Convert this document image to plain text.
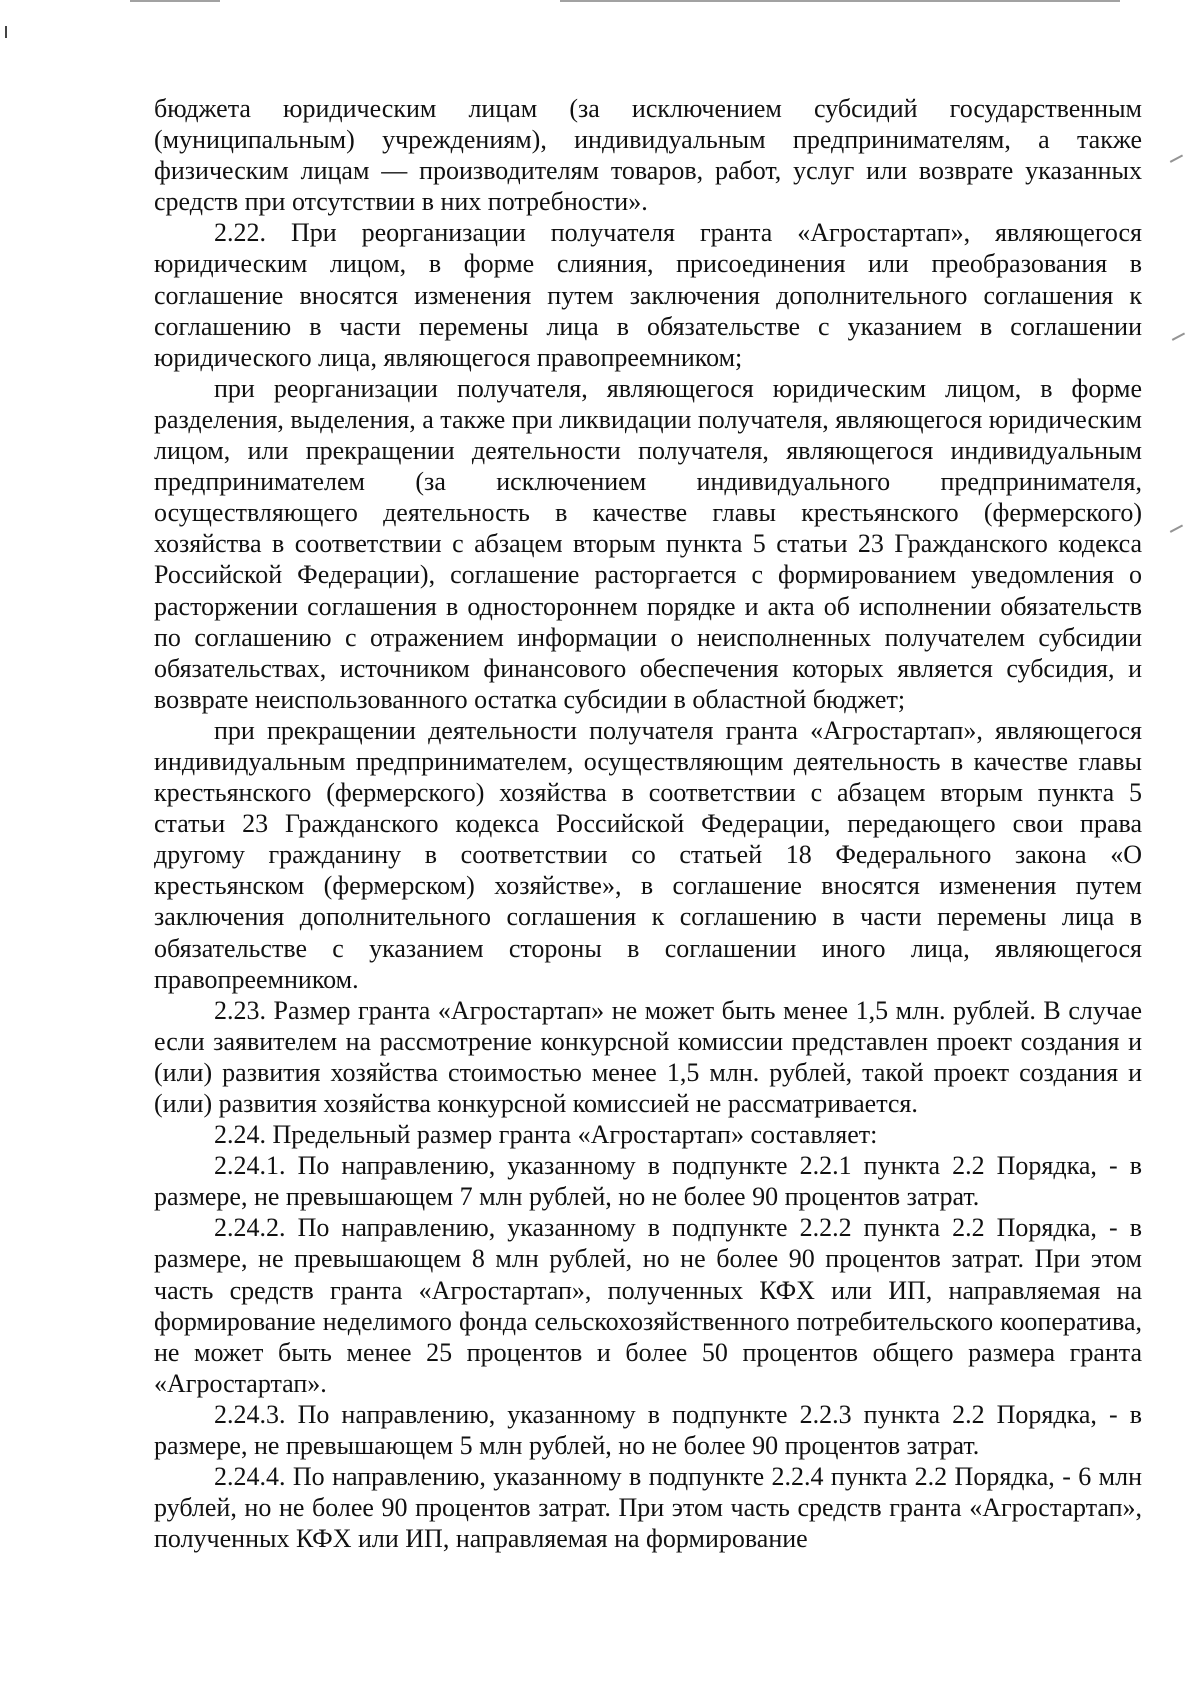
бюджета юридическим лицам (за исключением субсидий государственным (муниципальным) учреждениям), индивидуальным предпринимателям, а также физическим лицам — производителям товаров, работ, услуг или возврате указанных средств при отсутствии в них потребности».

2.22. При реорганизации получателя гранта «Агростартап», являющегося юридическим лицом, в форме слияния, присоединения или преобразования в соглашение вносятся изменения путем заключения дополнительного соглашения к соглашению в части перемены лица в обязательстве с указанием в соглашении юридического лица, являющегося правопреемником;

при реорганизации получателя, являющегося юридическим лицом, в форме разделения, выделения, а также при ликвидации получателя, являющегося юридическим лицом, или прекращении деятельности получателя, являющегося индивидуальным предпринимателем (за исключением индивидуального предпринимателя, осуществляющего деятельность в качестве главы крестьянского (фермерского) хозяйства в соответствии с абзацем вторым пункта 5 статьи 23 Гражданского кодекса Российской Федерации), соглашение расторгается с формированием уведомления о расторжении соглашения в одностороннем порядке и акта об исполнении обязательств по соглашению с отражением информации о неисполненных получателем субсидии обязательствах, источником финансового обеспечения которых является субсидия, и возврате неиспользованного остатка субсидии в областной бюджет;

при прекращении деятельности получателя гранта «Агростартап», являющегося индивидуальным предпринимателем, осуществляющим деятельность в качестве главы крестьянского (фермерского) хозяйства в соответствии с абзацем вторым пункта 5 статьи 23 Гражданского кодекса Российской Федерации, передающего свои права другому гражданину в соответствии со статьей 18 Федерального закона «О крестьянском (фермерском) хозяйстве», в соглашение вносятся изменения путем заключения дополнительного соглашения к соглашению в части перемены лица в обязательстве с указанием стороны в соглашении иного лица, являющегося правопреемником.

2.23. Размер гранта «Агростартап» не может быть менее 1,5 млн. рублей. В случае если заявителем на рассмотрение конкурсной комиссии представлен проект создания и (или) развития хозяйства стоимостью менее 1,5 млн. рублей, такой проект создания и (или) развития хозяйства конкурсной комиссией не рассматривается.

2.24. Предельный размер гранта «Агростартап» составляет:

2.24.1. По направлению, указанному в подпункте 2.2.1 пункта 2.2 Порядка, - в размере, не превышающем 7 млн рублей, но не более 90 процентов затрат.

2.24.2. По направлению, указанному в подпункте 2.2.2 пункта 2.2 Порядка, - в размере, не превышающем 8 млн рублей, но не более 90 процентов затрат. При этом часть средств гранта «Агростартап», полученных КФХ или ИП, направляемая на формирование неделимого фонда сельскохозяйственного потребительского кооператива, не может быть менее 25 процентов и более 50 процентов общего размера гранта «Агростартап».

2.24.3. По направлению, указанному в подпункте 2.2.3 пункта 2.2 Порядка, - в размере, не превышающем 5 млн рублей, но не более 90 процентов затрат.

2.24.4. По направлению, указанному в подпункте 2.2.4 пункта 2.2 Порядка, - 6 млн рублей, но не более 90 процентов затрат. При этом часть средств гранта «Агростартап», полученных КФХ или ИП, направляемая на формирование
